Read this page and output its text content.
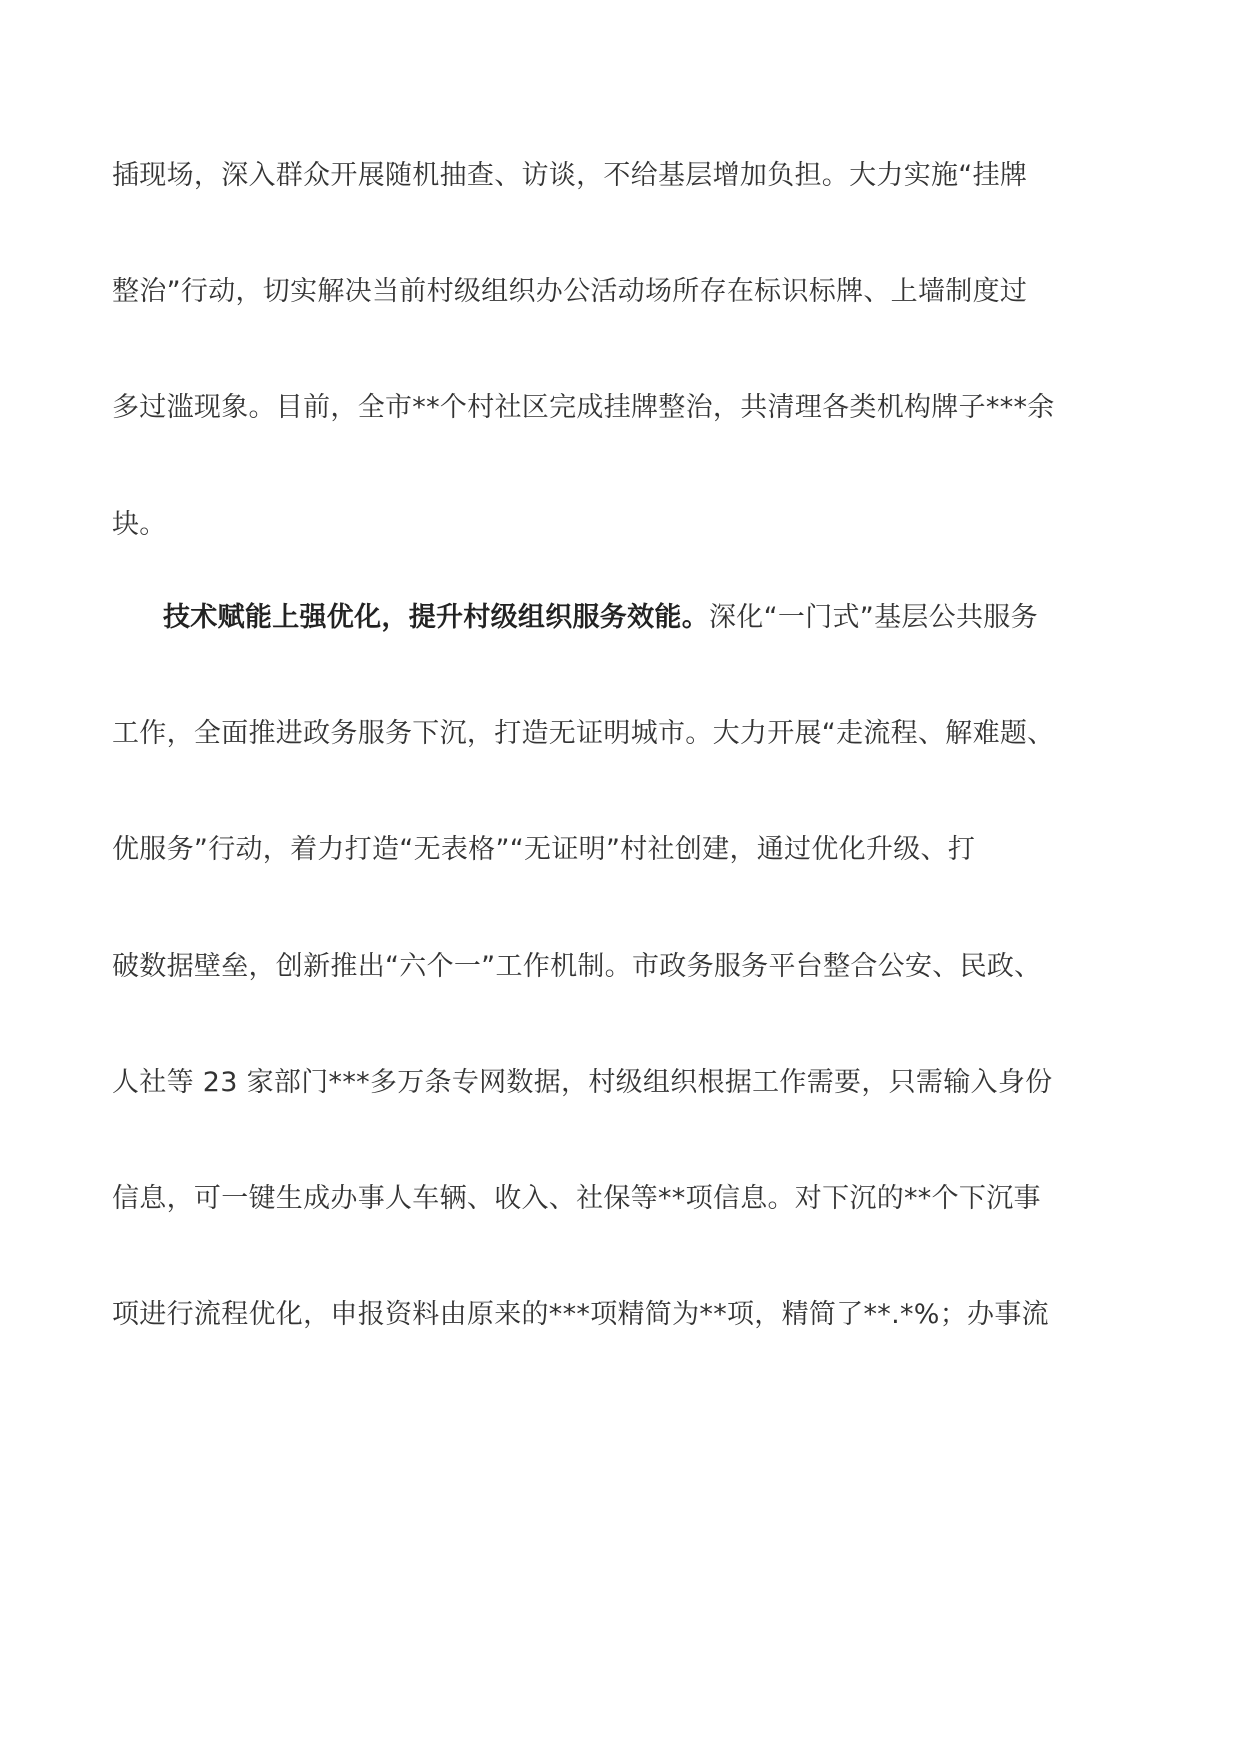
插现场，深入群众开展随机抽查、访谈，不给基层增加负担。大力实施“挂牌
整治”行动，切实解决当前村级组织办公活动场所存在标识标牌、上墙制度过
多过滥现象。目前，全市**个村社区完成挂牌整治，共清理各类机构牌子***余
块。
技术赋能上强优化，提升村级组织服务效能。深化“一门式”基层公共服务
工作，全面推进政务服务下沉，打造无证明城市。大力开展“走流程、解难题、
优服务”行动，着力打造“无表格”“无证明”村社创建，通过优化升级、打
破数据壁垒，创新推出“六个一”工作机制。市政务服务平台整合公安、民政、
人社等 23 家部门***多万条专网数据，村级组织根据工作需要，只需输入身份
信息，可一键生成办事人车辆、收入、社保等**项信息。对下沉的**个下沉事
项进行流程优化，申报资料由原来的***项精简为**项，精简了**.*%；办事流
